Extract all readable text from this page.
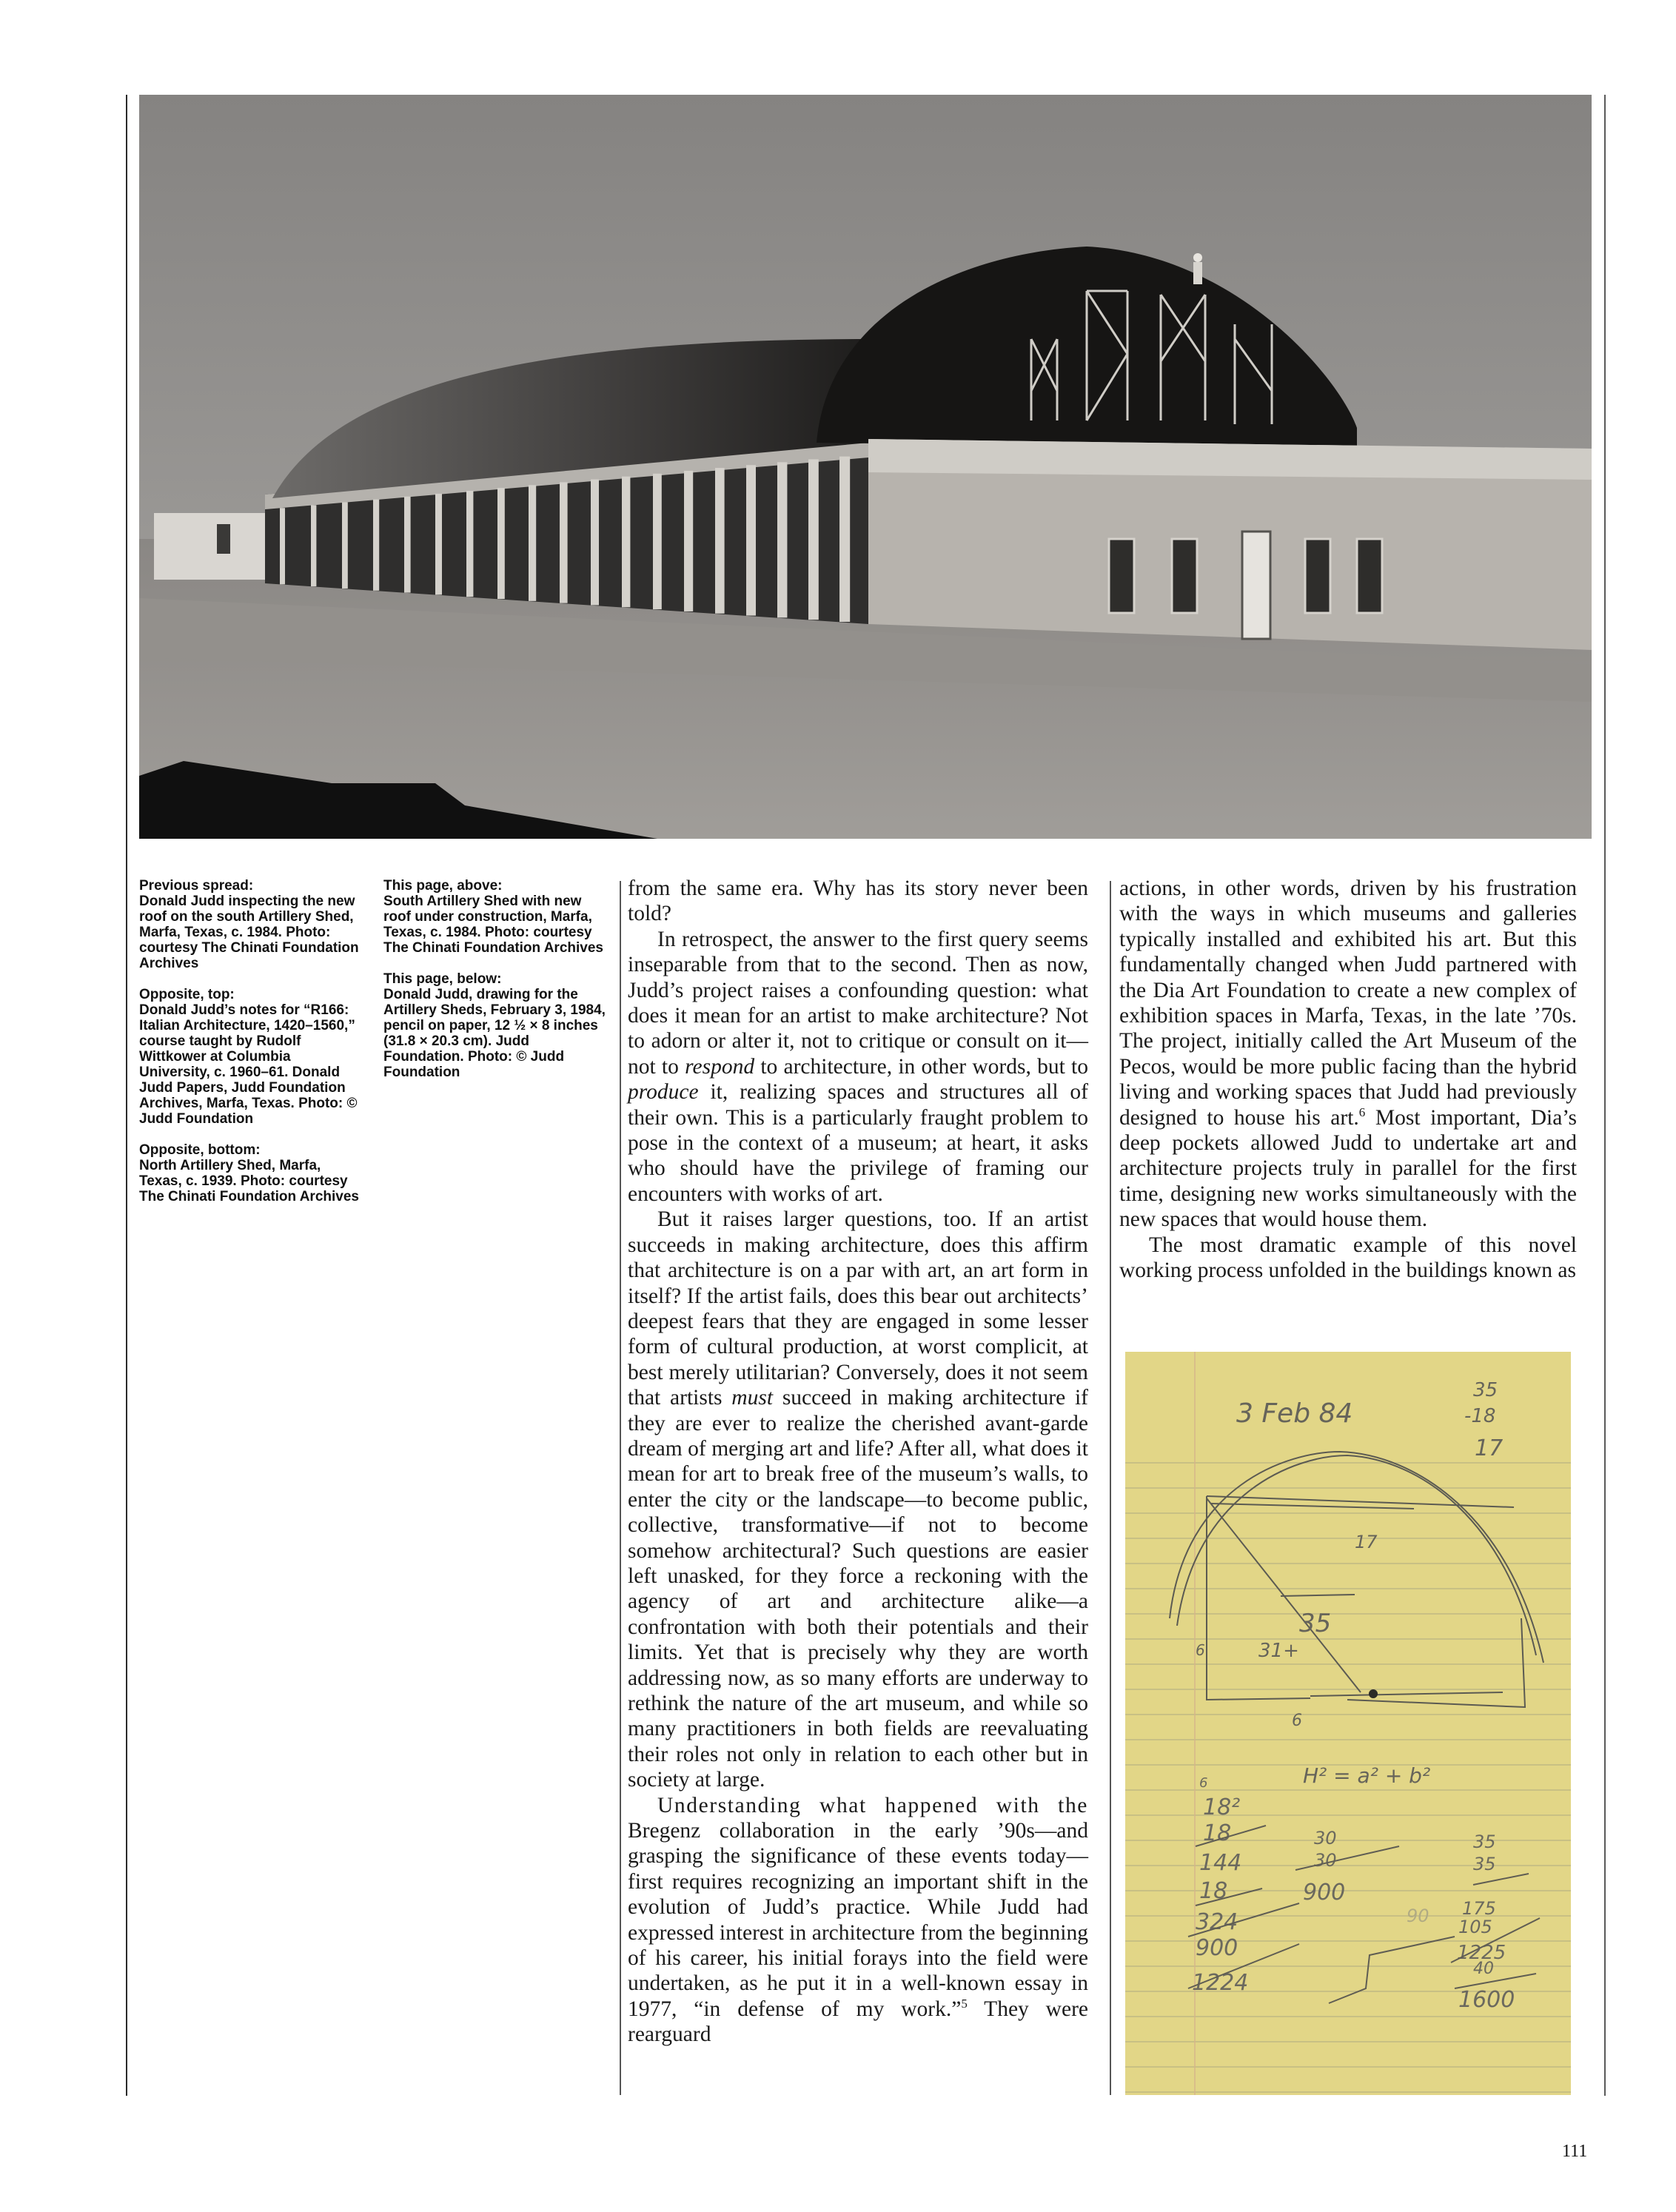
Previous spread:
Donald Judd inspecting the new roof on the south Artillery Shed, Marfa, Texas, c. 1984. Photo: courtesy The Chinati Foundation Archives
Opposite, top:
Donald Judd’s notes for “R166: Italian Architecture, 1420–1560,” course taught by Rudolf Wittkower at Columbia University, c. 1960–61. Donald Judd Papers, Judd Foundation Archives, Marfa, Texas. Photo: © Judd Foundation
Opposite, bottom:
North Artillery Shed, Marfa, Texas, c. 1939. Photo: courtesy The Chinati Foundation Archives
This page, above:
South Artillery Shed with new roof under construction, Marfa, Texas, c. 1984. Photo: courtesy The Chinati Foundation Archives
This page, below:
Donald Judd, drawing for the Artillery Sheds, February 3, 1984, pencil on paper, 12 ½ × 8 inches (31.8 × 20.3 cm). Judd Foundation. Photo: © Judd Foundation

from the same era. Why has its story never been told?

In retrospect, the answer to the first query seems inseparable from that to the second. Then as now, Judd’s project raises a confounding question: what does it mean for an artist to make architecture? Not to adorn or alter it, not to critique or consult on it—not to respond to architecture, in other words, but to produce it, realizing spaces and structures all of their own. This is a particularly fraught problem to pose in the context of a museum; at heart, it asks who should have the privilege of framing our encounters with works of art.

But it raises larger questions, too. If an artist succeeds in making architecture, does this affirm that architecture is on a par with art, an art form in itself? If the artist fails, does this bear out architects’ deepest fears that they are engaged in some lesser form of cultural production, at worst complicit, at best merely utilitarian? Conversely, does it not seem that artists must succeed in making architecture if they are ever to realize the cherished avant-garde dream of merging art and life? After all, what does it mean for art to break free of the museum’s walls, to enter the city or the landscape—to become public, collective, transformative—if not to become somehow architectural? Such questions are easier left unasked, for they force a reckoning with the agency of art and architecture alike—a confrontation with both their potentials and their limits. Yet that is precisely why they are worth addressing now, as so many efforts are underway to rethink the nature of the art museum, and while so many practitioners in both fields are reevaluating their roles not only in relation to each other but in society at large.

Understanding what happened with the Bregenz collaboration in the early ’90s—and grasping the significance of these events today—first requires recognizing an important shift in the evolution of Judd’s practice. While Judd had expressed interest in architecture from the beginning of his career, his initial forays into the field were undertaken, as he put it in a well-known essay in 1977, “in defense of my work.”$^5$ They were rearguard

actions, in other words, driven by his frustration with the ways in which museums and galleries typically installed and exhibited his art. But this fundamentally changed when Judd partnered with the Dia Art Foundation to create a new complex of exhibition spaces in Marfa, Texas, in the late ’70s. The project, initially called the Art Museum of the Pecos, would be more public facing than the hybrid living and working spaces that Judd had previously designed to house his art.$^6$ Most important, Dia’s deep pockets allowed Judd to undertake art and architecture projects truly in parallel for the first time, designing new works simultaneously with the new spaces that would house them.

The most dramatic example of this novel working process unfolded in the buildings known as

3 Feb 84
35
-18
17
17
35
31+
6
6
H² = a² + b²
6
18²
18
144
18
324
900
1224
30
30
900
90
35
35
175
105
1225
40
1600
111
